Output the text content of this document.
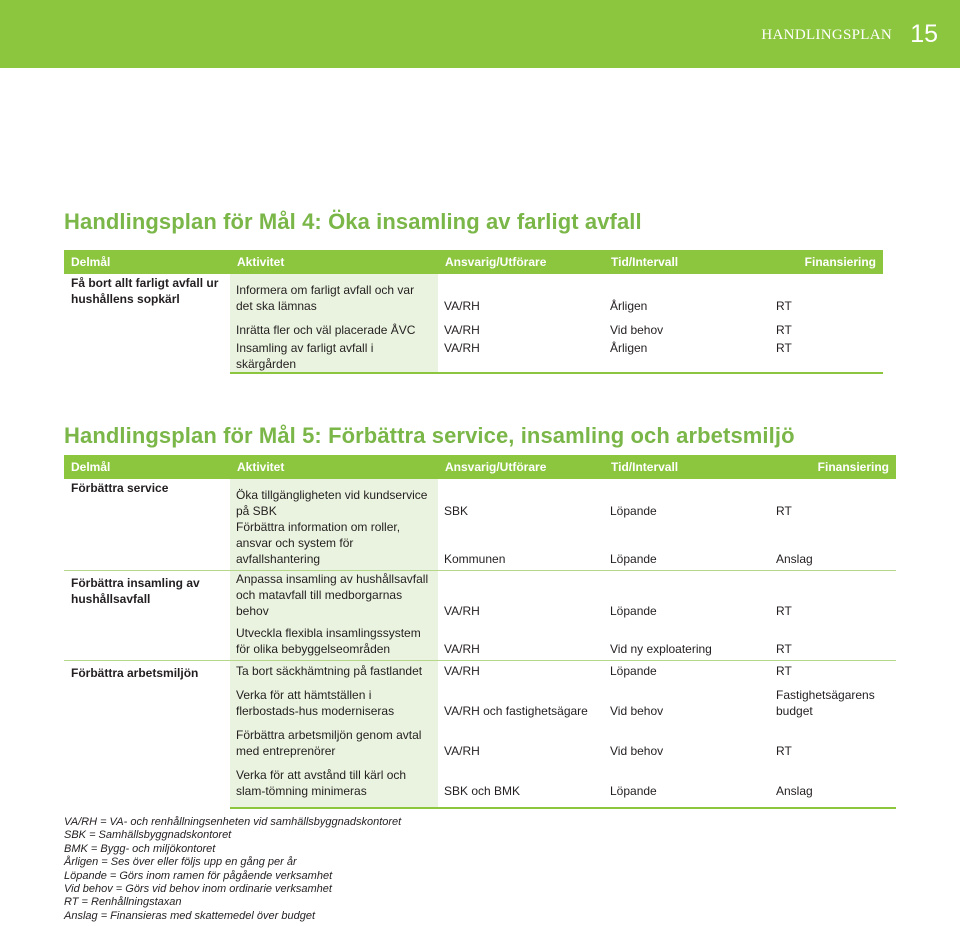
HANDLINGSPLAN 15
Handlingsplan för Mål 4: Öka insamling av farligt avfall
Delmål	Aktivitet	Ansvarig/Utförare	Tid/Intervall	Finansiering
Få bort allt farligt avfall ur hushållens sopkärl	Informera om farligt avfall och var det ska lämnas	VA/RH	Årligen	RT
	Inrätta fler och väl placerade ÅVC	VA/RH	Vid behov	RT
	Insamling av farligt avfall i skärgården	VA/RH	Årligen	RT
Handlingsplan för Mål 5: Förbättra service, insamling och arbetsmiljö
Delmål	Aktivitet	Ansvarig/Utförare	Tid/Intervall	Finansiering
Förbättra service	Öka tillgängligheten vid kundservice på SBK	SBK	Löpande	RT
	Förbättra information om roller, ansvar och system för avfallshantering	Kommunen	Löpande	Anslag
Förbättra insamling av hushållsavfall	Anpassa insamling av hushållsavfall och matavfall till medborgarnas behov	VA/RH	Löpande	RT
	Utveckla flexibla insamlingssystem för olika bebyggelseområden	VA/RH	Vid ny exploatering	RT
Förbättra arbetsmiljön	Ta bort säckhämtning på fastlandet	VA/RH	Löpande	RT
	Verka för att hämtställen i flerbostads-hus moderniseras	VA/RH och fastighetsägare	Vid behov	Fastighetsägarens budget
	Förbättra arbetsmiljön genom avtal med entreprenörer	VA/RH	Vid behov	RT
	Verka för att avstånd till kärl och slam-tömning minimeras	SBK och BMK	Löpande	Anslag
VA/RH = VA- och renhållningsenheten vid samhällsbyggnadskontoret
SBK = Samhällsbyggnadskontoret
BMK = Bygg- och miljökontoret
Årligen = Ses över eller följs upp en gång per år
Löpande = Görs inom ramen för pågående verksamhet
Vid behov = Görs vid behov inom ordinarie verksamhet
RT = Renhållningstaxan
Anslag = Finansieras med skattemedel över budget
